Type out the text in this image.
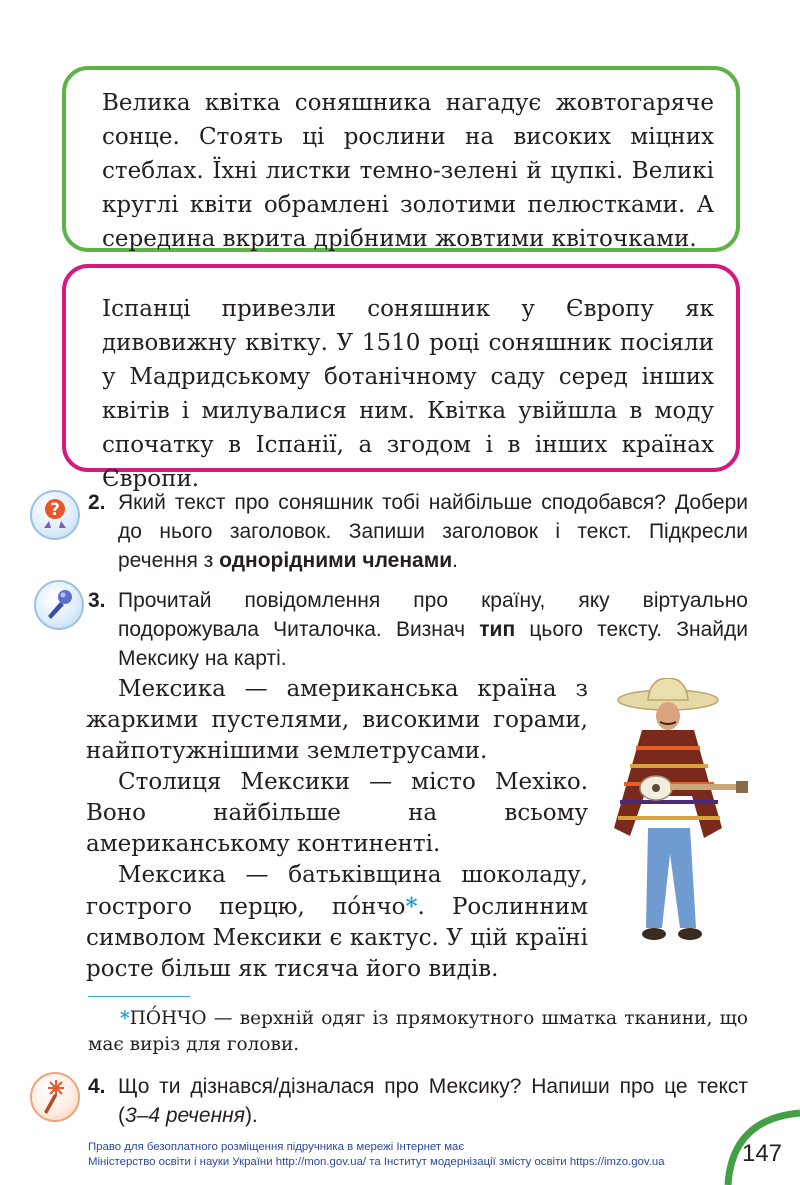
Велика квітка соняшника нагадує жовтогаряче сонце. Стоять ці рослини на високих міцних стеблах. Їхні листки темно-зелені й цупкі. Великі круглі квіти обрамлені золотими пелюстками. А середина вкрита дрібними жовтими квіточками.

Іспанці привезли соняшник у Європу як дивовижну квітку. У 1510 році соняшник посіяли у Мадридському ботанічному саду серед інших квітів і милувалися ним. Квітка увійшла в моду спочатку в Іспанії, а згодом і в інших країнах Європи.

? 2. Який текст про соняшник тобі найбільше сподобався? Добери до нього заголовок. Запиши заголовок і текст. Підкресли речення з однорідними членами.
3. Прочитай повідомлення про країну, яку віртуально подорожувала Читалочка. Визнач тип цього тексту. Знайди Мексику на карті.

Мексика — американська країна з жаркими пустелями, високими горами, найпотужнішими землетрусами.

Столиця Мексики — місто Мехіко. Воно найбільше на всьому американському континенті.

Мексика — батьківщина шоколаду, гострого перцю, по́нчо*. Рослинним символом Мексики є кактус. У цій країні росте більш як тисяча його видів.

*ПО́НЧО — верхній одяг із прямокутного шматка тканини, що має виріз для голови.
4. Що ти дізнався/дізналася про Мексику? Напиши про це текст (3–4 речення).
Право для безоплатного розміщення підручника в мережі Інтернет має
Міністерство освіти і науки України http://mon.gov.ua/ та Інститут модернізації змісту освіти https://imzo.gov.ua	147
